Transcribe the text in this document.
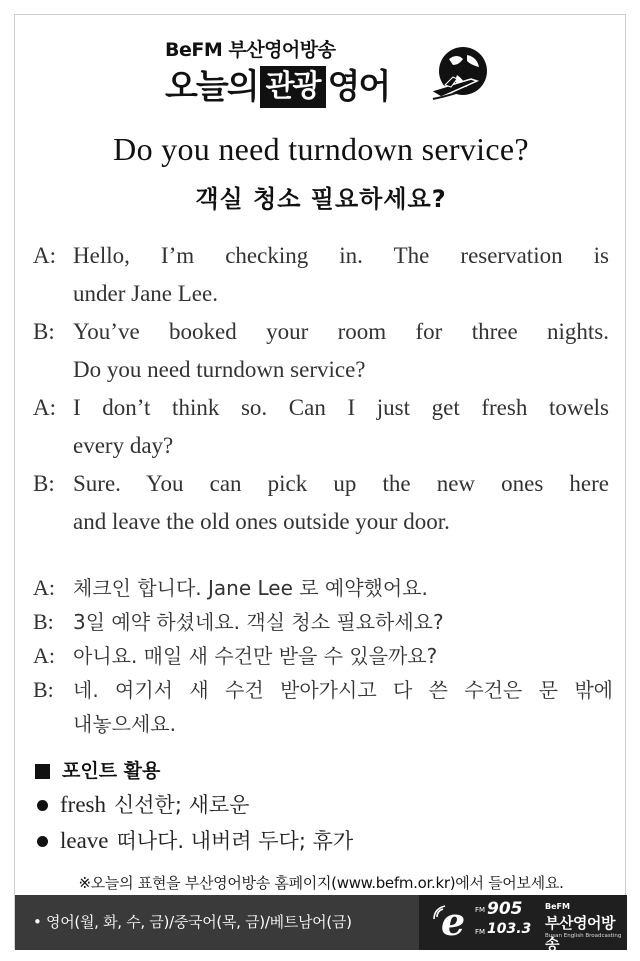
BeFM 부산영어방송
오늘의 관광 영어
Do you need turndown service?
객실 청소 필요하세요?
A: Hello, I’m checking in. The reservation is
under Jane Lee.
B: You’ve booked your room for three nights.
Do you need turndown service?
A: I don’t think so. Can I just get fresh towels
every day?
B: Sure. You can pick up the new ones here
and leave the old ones outside your door.
A: 체크인 합니다. Jane Lee 로 예약했어요.
B: 3일 예약 하셨네요. 객실 청소 필요하세요?
A: 아니요. 매일 새 수건만 받을 수 있을까요?
B: 네. 여기서 새 수건 받아가시고 다 쓴 수건은 문 밖에
내놓으세요.
포인트 활용
fresh 신선한; 새로운
leave 떠나다. 내버려 두다; 휴가
※오늘의 표현을 부산영어방송 홈페이지(www.befm.or.kr)에서 들어보세요.
• 영어(월, 화, 수, 금)/중국어(목, 금)/베트남어(금) e FM 905
FM 103.3
BeFM
부산영어방송
Busan English Broadcasting
